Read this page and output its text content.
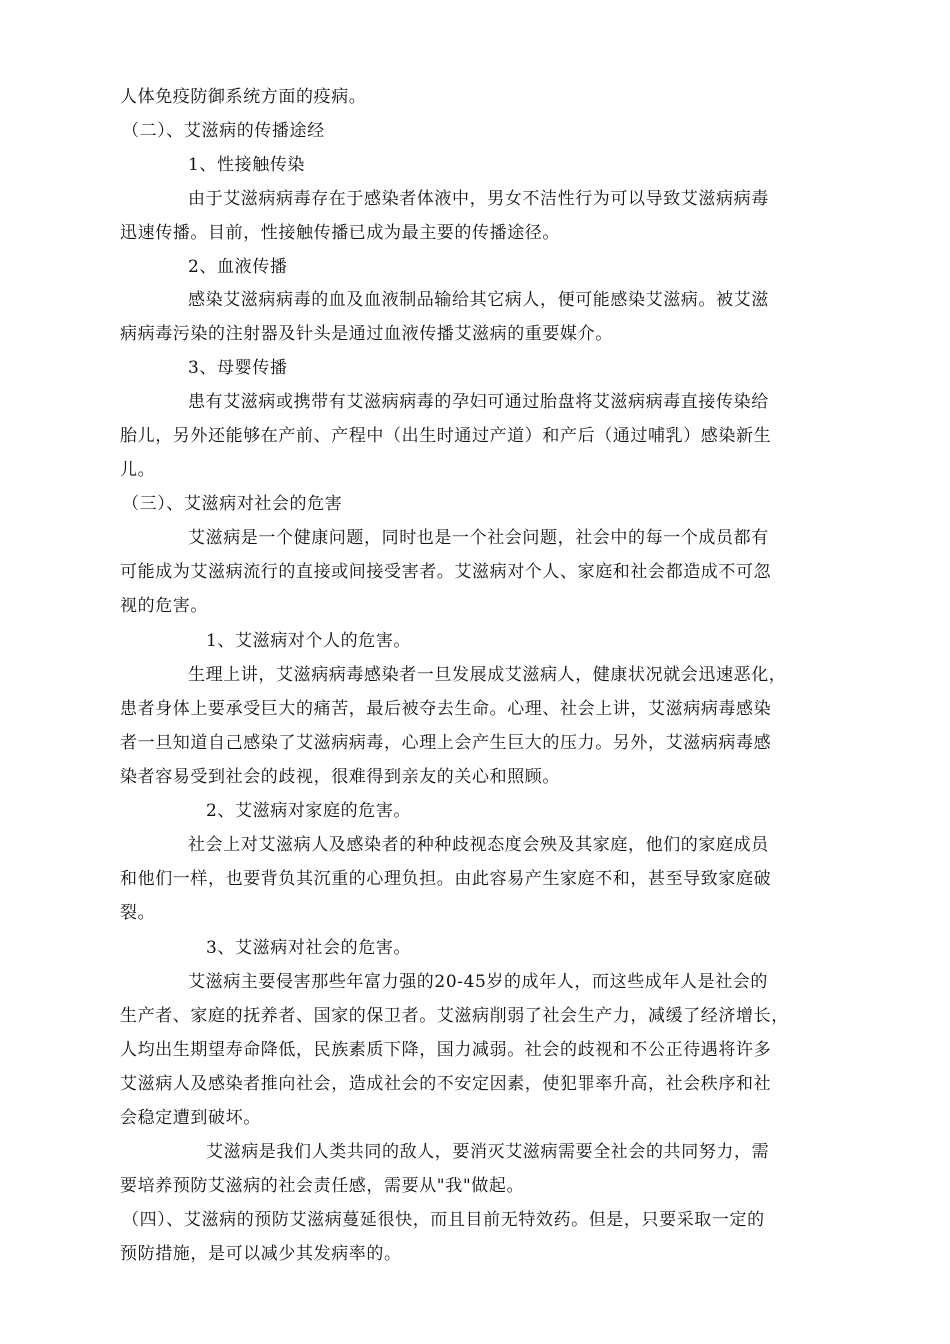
人体免疫防御系统方面的疫病。
（二）、艾滋病的传播途经
1、性接触传染
由于艾滋病病毒存在于感染者体液中，男女不洁性行为可以导致艾滋病病毒
迅速传播。目前，性接触传播已成为最主要的传播途径。
2、血液传播
感染艾滋病病毒的血及血液制品输给其它病人，便可能感染艾滋病。被艾滋
病病毒污染的注射器及针头是通过血液传播艾滋病的重要媒介。
3、母婴传播
患有艾滋病或携带有艾滋病病毒的孕妇可通过胎盘将艾滋病病毒直接传染给
胎儿，另外还能够在产前、产程中（出生时通过产道）和产后（通过哺乳）感染新生
儿。
（三）、艾滋病对社会的危害
艾滋病是一个健康问题，同时也是一个社会问题，社会中的每一个成员都有
可能成为艾滋病流行的直接或间接受害者。艾滋病对个人、家庭和社会都造成不可忽
视的危害。
1、艾滋病对个人的危害。
生理上讲，艾滋病病毒感染者一旦发展成艾滋病人，健康状况就会迅速恶化，
患者身体上要承受巨大的痛苦，最后被夺去生命。心理、社会上讲，艾滋病病毒感染
者一旦知道自己感染了艾滋病病毒，心理上会产生巨大的压力。另外，艾滋病病毒感
染者容易受到社会的歧视，很难得到亲友的关心和照顾。
2、艾滋病对家庭的危害。
社会上对艾滋病人及感染者的种种歧视态度会殃及其家庭，他们的家庭成员
和他们一样，也要背负其沉重的心理负担。由此容易产生家庭不和，甚至导致家庭破
裂。
3、艾滋病对社会的危害。
艾滋病主要侵害那些年富力强的20-45岁的成年人，而这些成年人是社会的
生产者、家庭的抚养者、国家的保卫者。艾滋病削弱了社会生产力，减缓了经济增长，
人均出生期望寿命降低，民族素质下降，国力减弱。社会的歧视和不公正待遇将许多
艾滋病人及感染者推向社会，造成社会的不安定因素，使犯罪率升高，社会秩序和社
会稳定遭到破坏。
艾滋病是我们人类共同的敌人，要消灭艾滋病需要全社会的共同努力，需
要培养预防艾滋病的社会责任感，需要从"我"做起。
（四）、艾滋病的预防艾滋病蔓延很快，而且目前无特效药。但是，只要采取一定的
预防措施，是可以减少其发病率的。
